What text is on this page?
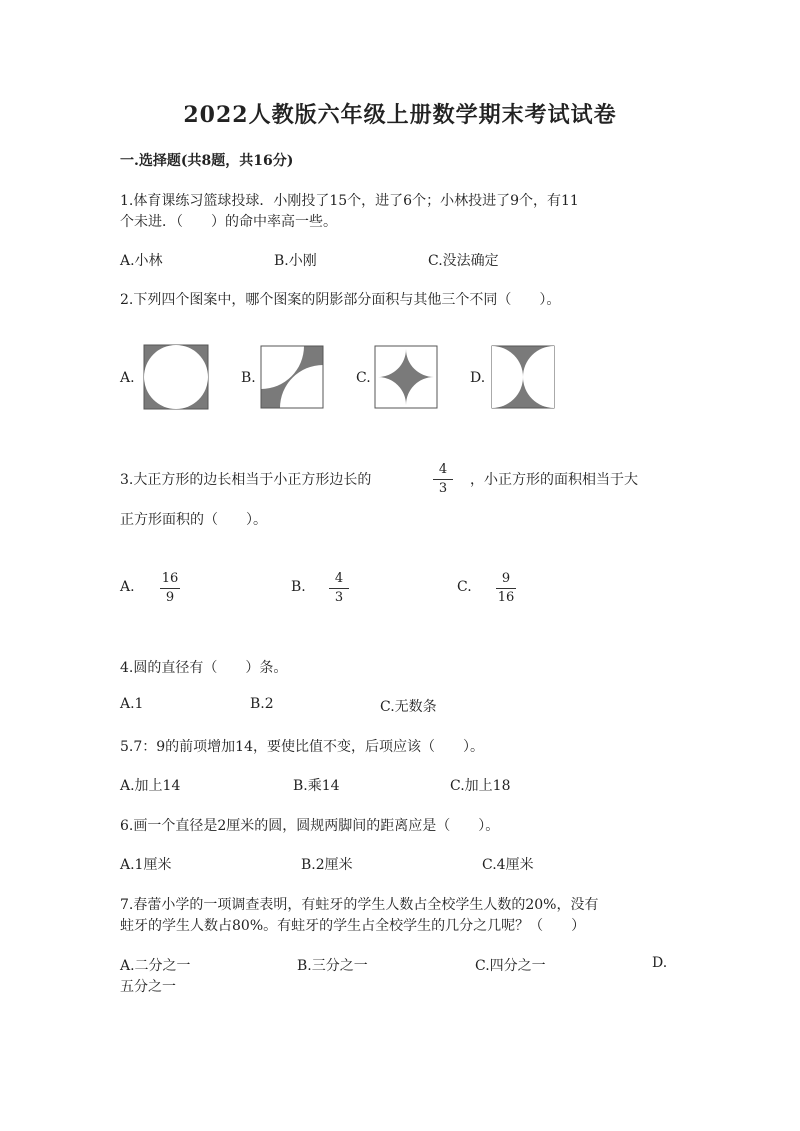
2022人教版六年级上册数学期末考试试卷
一.选择题(共8题，共16分)
1.体育课练习篮球投球．小刚投了15个，进了6个；小林投进了9个，有11
个未进．（　　）的命中率高一些。
A.小林	B.小刚	C.没法确定
2.下列四个图案中，哪个图案的阴影部分面积与其他三个不同（　　）。
A.	B.	C.	D.
3.大正方形的边长相当于小正方形边长的
4
3
，小正方形的面积相当于大
正方形面积的（　　）。
A.
16
9
B.
4
3
C.
9
16
4.圆的直径有（　　）条。
A.1	B.2	C.无数条
5.7：9的前项增加14，要使比值不变，后项应该（　　）。
A.加上14	B.乘14	C.加上18
6.画一个直径是2厘米的圆，圆规两脚间的距离应是（　　）。
A.1厘米	B.2厘米	C.4厘米
7.春蕾小学的一项调查表明，有蛀牙的学生人数占全校学生人数的20%，没有
蛀牙的学生人数占80%。有蛀牙的学生占全校学生的几分之几呢？（　　）
A.二分之一	B.三分之一	C.四分之一	D.
五分之一
